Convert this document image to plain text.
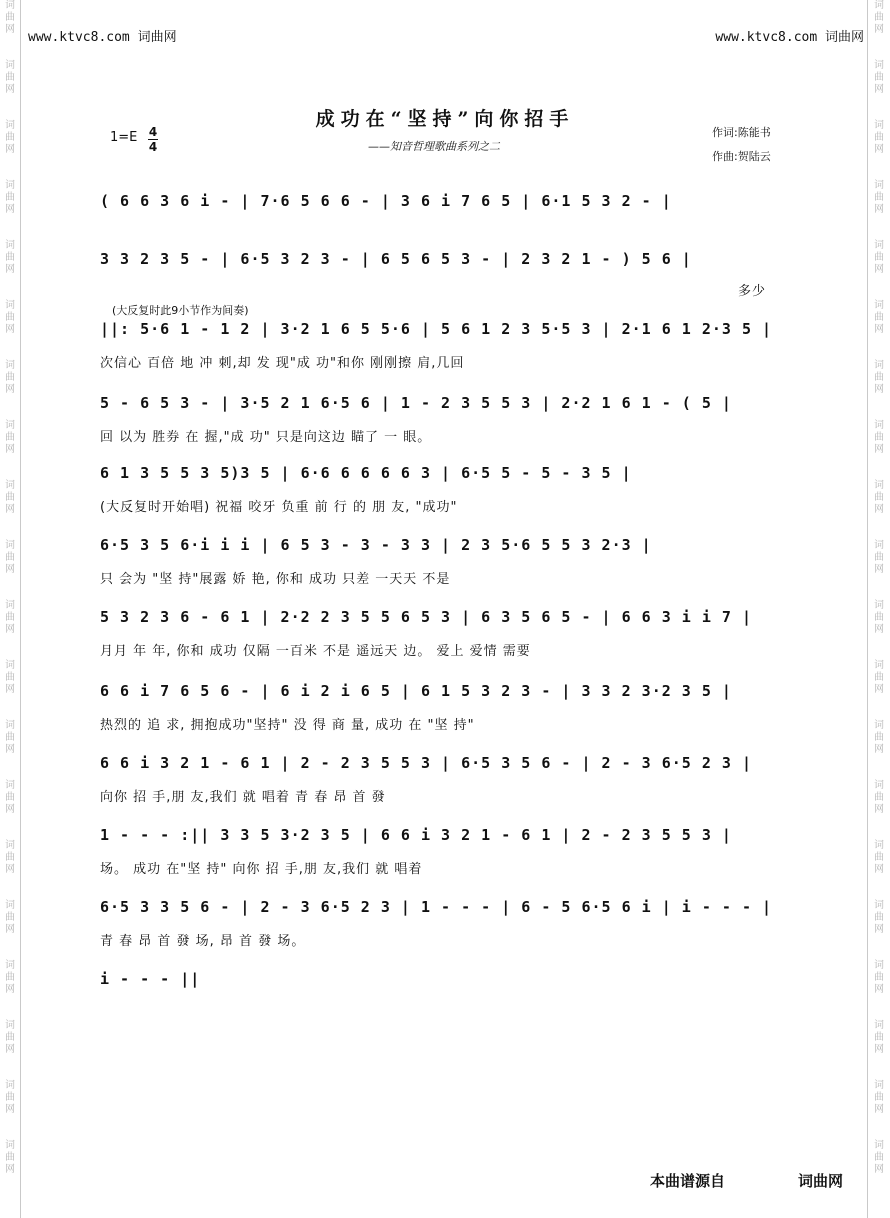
词曲网
词曲网
词曲网
词曲网
词曲网
词曲网
词曲网
词曲网
词曲网
词曲网
词曲网
词曲网
词曲网
词曲网
词曲网
词曲网
词曲网
词曲网
词曲网
词曲网
词曲网
词曲网
词曲网
词曲网
词曲网
词曲网
词曲网
词曲网
词曲网
词曲网
词曲网
词曲网
词曲网
词曲网
词曲网
词曲网
词曲网
词曲网
词曲网
词曲网
www.ktvc8.com 词曲网	www.ktvc8.com 词曲网
成功在“坚持”向你招手
——知音哲理歌曲系列之二
1=E 4
4
作词:陈能书
作曲:贺陆云
( 6 6 3 6 i - | 7·6 5 6 6 - | 3 6 i 7 6 5 | 6·1 5 3 2 - |
3 3 2 3 5 - | 6·5 3 2 3 - | 6 5 6 5 3 - | 2 3 2 1 - ) 5 6 |
多少
(大反复时此9小节作为间奏)
||: 5·6 1 - 1 2 | 3·2 1 6 5 5·6 | 5 6 1 2 3 5·5 3 | 2·1 6 1 2·3 5 |
次信心 百倍 地 冲 刺,却 发 现"成 功"和你 刚刚擦 肩,几回
5 - 6 5 3 - | 3·5 2 1 6·5 6 | 1 - 2 3 5 5 3 | 2·2 1 6 1 - ( 5 |
回 以为 胜券 在 握,"成 功" 只是向这边 瞄了 一 眼。
6 1 3 5 5 3 5)3 5 | 6·6 6 6 6 6 3 | 6·5 5 - 5 - 3 5 |
(大反复时开始唱) 祝福 咬牙 负重 前 行 的 朋 友, "成功"
6·5 3 5 6·i i i | 6 5 3 - 3 - 3 3 | 2 3 5·6 5 5 3 2·3 |
只 会为 "坚 持"展露 娇 艳, 你和 成功 只差 一天天 不是
5 3 2 3 6 - 6 1 | 2·2 2 3 5 5 6 5 3 | 6 3 5 6 5 - | 6 6 3 i i 7 |
月月 年 年, 你和 成功 仅隔 一百米 不是 遥远天 边。 爱上 爱情 需要
6 6 i 7 6 5 6 - | 6 i 2 i 6 5 | 6 1 5 3 2 3 - | 3 3 2 3·2 3 5 |
热烈的 追 求, 拥抱成功"坚持" 没 得 商 量, 成功 在 "坚 持"
6 6 i 3 2 1 - 6 1 | 2 - 2 3 5 5 3 | 6·5 3 5 6 - | 2 - 3 6·5 2 3 |
向你 招 手,朋 友,我们 就 唱着 青 春 昂 首 發
1 - - - :|| 3 3 5 3·2 3 5 | 6 6 i 3 2 1 - 6 1 | 2 - 2 3 5 5 3 |
场。 成功 在"坚 持" 向你 招 手,朋 友,我们 就 唱着
6·5 3 3 5 6 - | 2 - 3 6·5 2 3 | 1 - - - | 6 - 5 6·5 6 i | i - - - |
青 春 昂 首 發 场, 昂 首 發 场。
i - - - ||
本曲谱源自	词曲网
